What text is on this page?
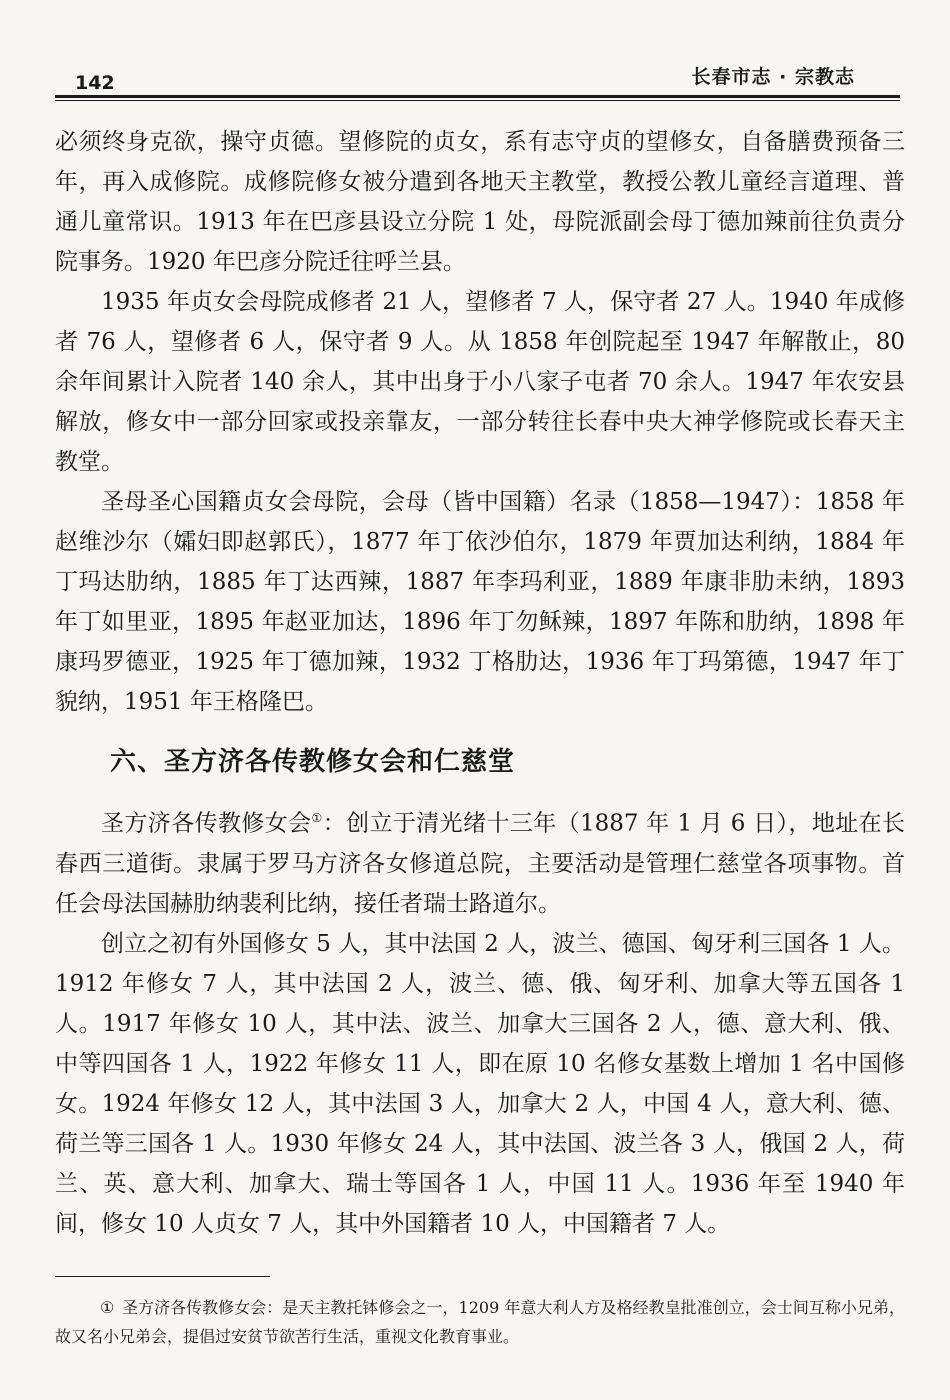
142	长春市志 · 宗教志

必须终身克欲，操守贞德。望修院的贞女，系有志守贞的望修女，自备膳费预备三年，再入成修院。成修院修女被分遣到各地天主教堂，教授公教儿童经言道理、普通儿童常识。1913 年在巴彦县设立分院 1 处，母院派副会母丁德加辣前往负责分院事务。1920 年巴彦分院迁往呼兰县。

1935 年贞女会母院成修者 21 人，望修者 7 人，保守者 27 人。1940 年成修者 76 人，望修者 6 人，保守者 9 人。从 1858 年创院起至 1947 年解散止，80 余年间累计入院者 140 余人，其中出身于小八家子屯者 70 余人。1947 年农安县解放，修女中一部分回家或投亲靠友，一部分转往长春中央大神学修院或长春天主教堂。

圣母圣心国籍贞女会母院，会母（皆中国籍）名录（1858—1947）：1858 年赵维沙尔（孀妇即赵郭氏），1877 年丁依沙伯尔，1879 年贾加达利纳，1884 年丁玛达肋纳，1885 年丁达西辣，1887 年李玛利亚，1889 年康非肋未纳，1893 年丁如里亚，1895 年赵亚加达，1896 年丁勿稣辣，1897 年陈和肋纳，1898 年康玛罗德亚，1925 年丁德加辣，1932 丁格肋达，1936 年丁玛第德，1947 年丁貌纳，1951 年王格隆巴。

六、圣方济各传教修女会和仁慈堂

圣方济各传教修女会①：创立于清光绪十三年（1887 年 1 月 6 日），地址在长春西三道街。隶属于罗马方济各女修道总院，主要活动是管理仁慈堂各项事物。首任会母法国赫肋纳裴利比纳，接任者瑞士路道尔。

创立之初有外国修女 5 人，其中法国 2 人，波兰、德国、匈牙利三国各 1 人。1912 年修女 7 人，其中法国 2 人，波兰、德、俄、匈牙利、加拿大等五国各 1 人。1917 年修女 10 人，其中法、波兰、加拿大三国各 2 人，德、意大利、俄、中等四国各 1 人，1922 年修女 11 人，即在原 10 名修女基数上增加 1 名中国修女。1924 年修女 12 人，其中法国 3 人，加拿大 2 人，中国 4 人，意大利、德、荷兰等三国各 1 人。1930 年修女 24 人，其中法国、波兰各 3 人，俄国 2 人，荷兰、英、意大利、加拿大、瑞士等国各 1 人，中国 11 人。1936 年至 1940 年间，修女 10 人贞女 7 人，其中外国籍者 10 人，中国籍者 7 人。

① 圣方济各传教修女会：是天主教托钵修会之一，1209 年意大利人方及格经教皇批准创立，会士间互称小兄弟，故又名小兄弟会，提倡过安贫节欲苦行生活，重视文化教育事业。
